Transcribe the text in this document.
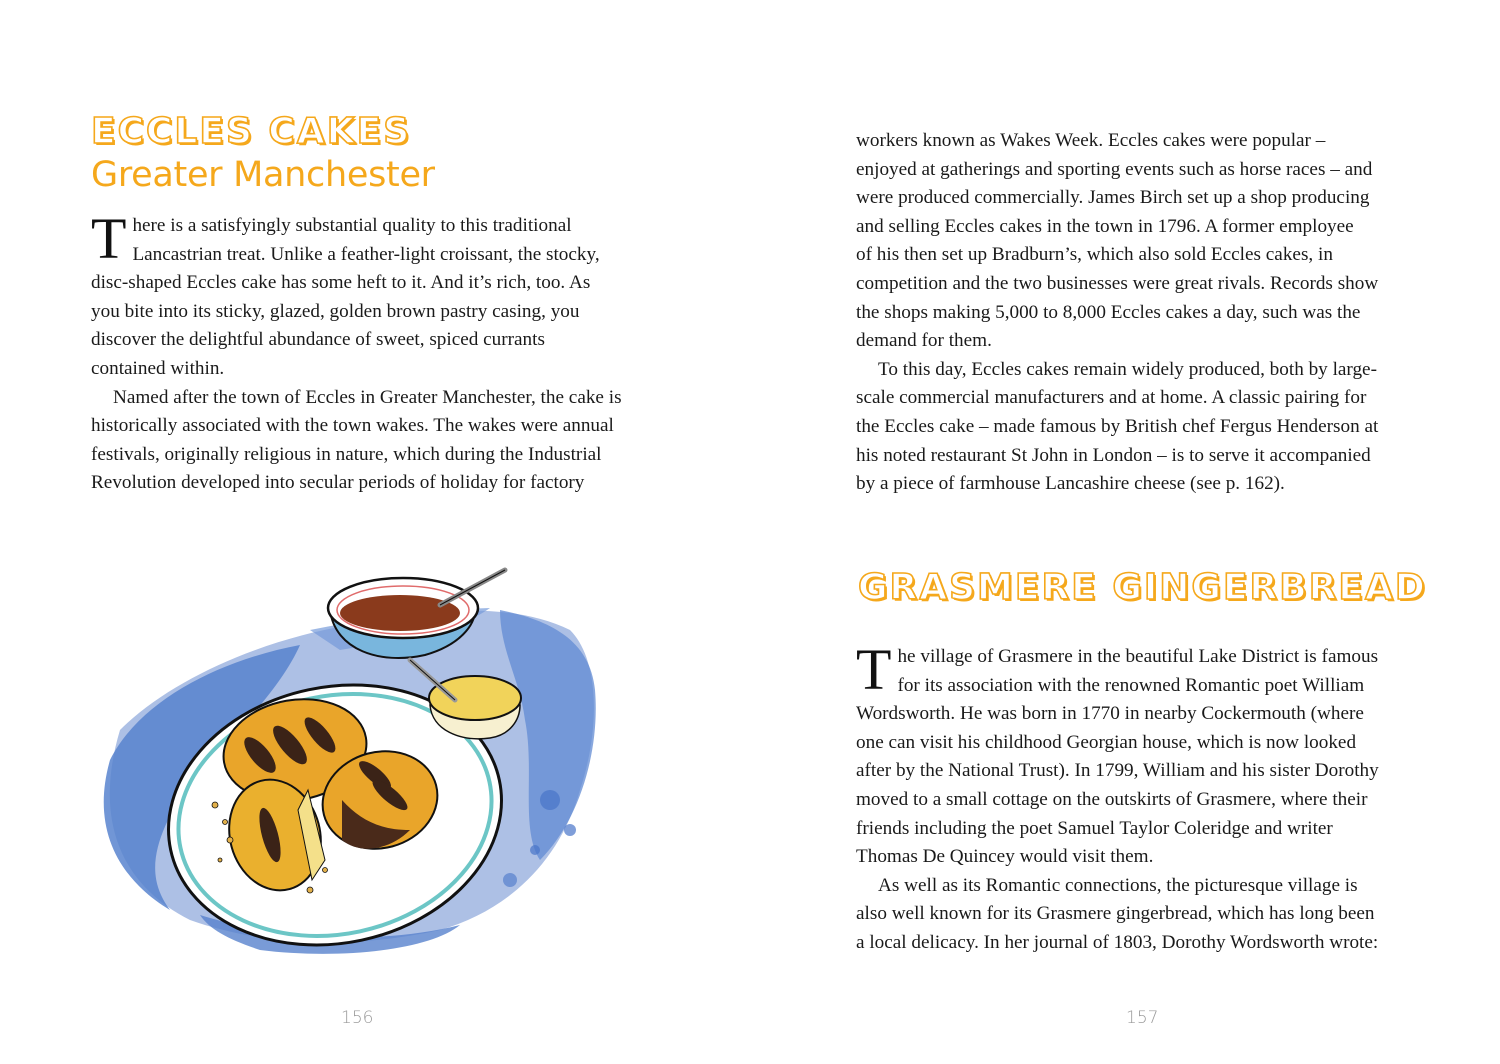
ECCLES CAKES
Greater Manchester

T here is a satisfyingly substantial quality to this traditional
Lancastrian treat. Unlike a feather-light croissant, the stocky,
disc-shaped Eccles cake has some heft to it. And it’s rich, too. As
you bite into its sticky, glazed, golden brown pastry casing, you
discover the delightful abundance of sweet, spiced currants
contained within.

Named after the town of Eccles in Greater Manchester, the cake is
historically associated with the town wakes. The wakes were annual
festivals, originally religious in nature, which during the Industrial
Revolution developed into secular periods of holiday for factory

156

workers known as Wakes Week. Eccles cakes were popular –
enjoyed at gatherings and sporting events such as horse races – and
were produced commercially. James Birch set up a shop producing
and selling Eccles cakes in the town in 1796. A former employee
of his then set up Bradburn’s, which also sold Eccles cakes, in
competition and the two businesses were great rivals. Records show
the shops making 5,000 to 8,000 Eccles cakes a day, such was the
demand for them.

To this day, Eccles cakes remain widely produced, both by large-
scale commercial manufacturers and at home. A classic pairing for
the Eccles cake – made famous by British chef Fergus Henderson at
his noted restaurant St John in London – is to serve it accompanied
by a piece of farmhouse Lancashire cheese (see p. 162).

GRASMERE GINGERBREAD

T he village of Grasmere in the beautiful Lake District is famous
for its association with the renowned Romantic poet William
Wordsworth. He was born in 1770 in nearby Cockermouth (where
one can visit his childhood Georgian house, which is now looked
after by the National Trust). In 1799, William and his sister Dorothy
moved to a small cottage on the outskirts of Grasmere, where their
friends including the poet Samuel Taylor Coleridge and writer
Thomas De Quincey would visit them.

As well as its Romantic connections, the picturesque village is
also well known for its Grasmere gingerbread, which has long been
a local delicacy. In her journal of 1803, Dorothy Wordsworth wrote:

157
